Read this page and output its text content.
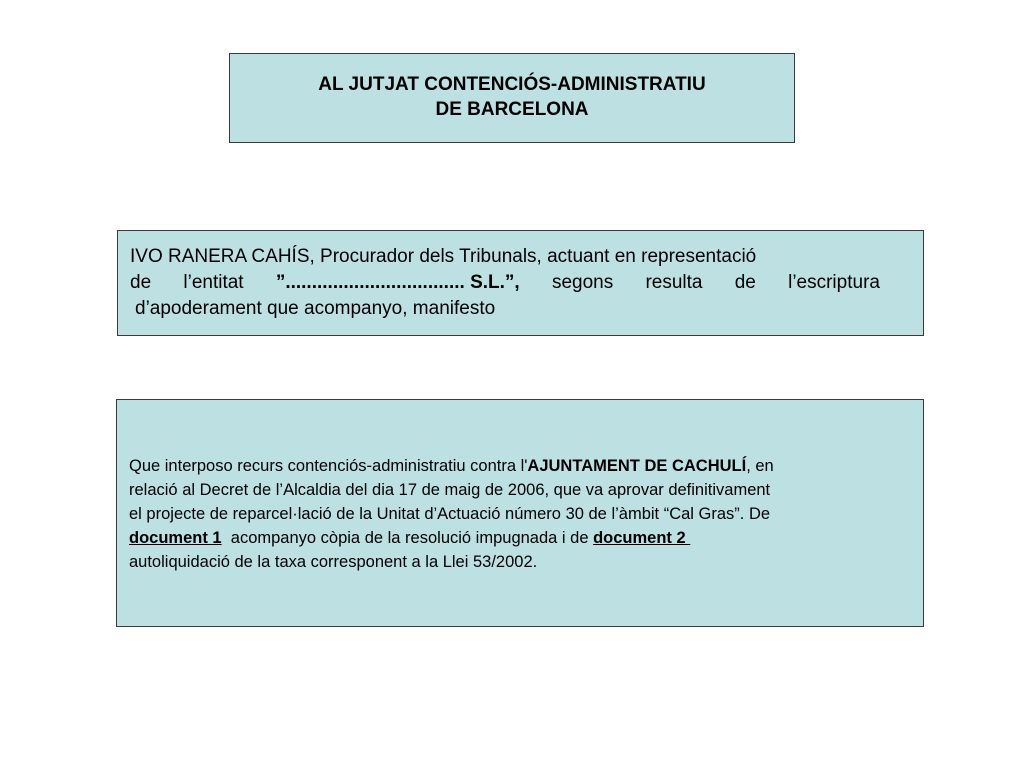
AL JUTJAT CONTENCIÓS-ADMINISTRATIU
DE BARCELONA
IVO RANERA CAHÍS, Procurador dels Tribunals, actuant en representació
de l’entitat ”.................................. S.L.”, segons resulta de l’escriptura
d’apoderament que acompanyo, manifesto
Que interposo recurs contenciós-administratiu contra l'AJUNTAMENT DE CACHULÍ, en
relació al Decret de l’Alcaldia del dia 17 de maig de 2006, que va aprovar definitivament
el projecte de reparcel·lació de la Unitat d’Actuació número 30 de l’àmbit “Cal Gras”. De
document 1  acompanyo còpia de la resolució impugnada i de document 2
autoliquidació de la taxa corresponent a la Llei 53/2002.
